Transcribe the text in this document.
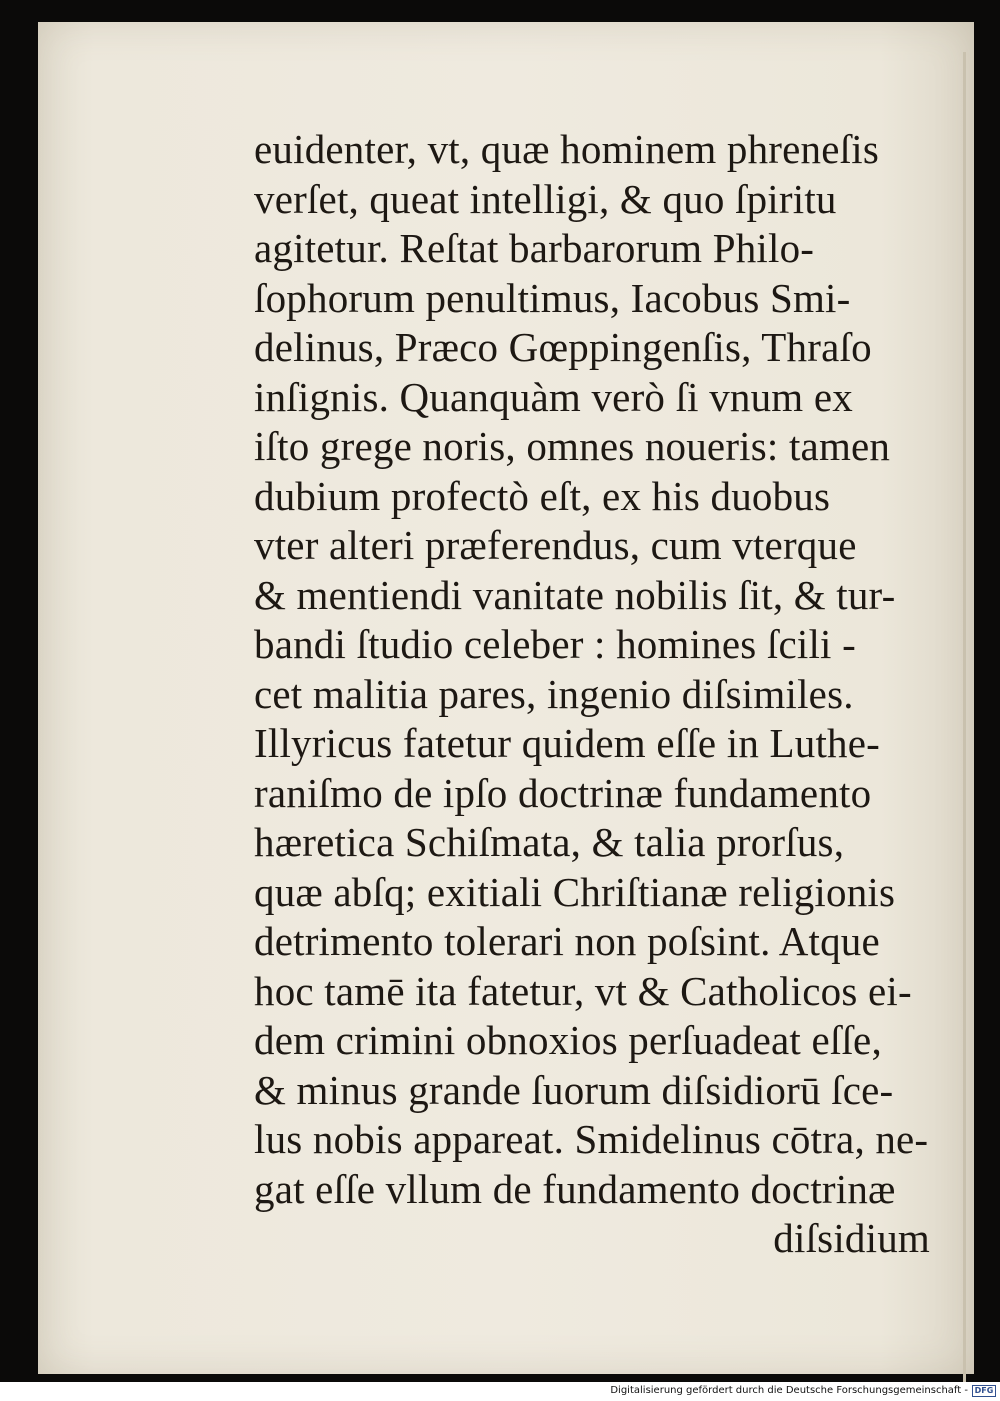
euidenter, vt, quæ hominem phreneſis
verſet, queat intelligi, & quo ſpiritu
agitetur. Reſtat barbarorum Philo-
ſophorum penultimus, Iacobus Smi-
delinus, Præco Gœppingenſis, Thraſo
inſignis. Quanquàm verò ſi vnum ex
iſto grege noris, omnes noueris: tamen
dubium profectò eſt, ex his duobus
vter alteri præferendus, cum vterque
& mentiendi vanitate nobilis ſit, & tur-
bandi ſtudio celeber : homines ſcili -
cet malitia pares, ingenio diſsimiles.
Illyricus fatetur quidem eſſe in Luthe-
raniſmo de ipſo doctrinæ fundamento
hæretica Schiſmata, & talia prorſus,
quæ abſq; exitiali Chriſtianæ religionis
detrimento tolerari non poſsint. Atque
hoc tamē ita fatetur, vt & Catholicos ei-
dem crimini obnoxios perſuadeat eſſe,
& minus grande ſuorum diſsidiorū ſce-
lus nobis appareat. Smidelinus cōtra, ne-
gat eſſe vllum de fundamento doctrinæ
diſsidium
Digitalisierung gefördert durch die Deutsche Forschungsgemeinschaft - DFG
